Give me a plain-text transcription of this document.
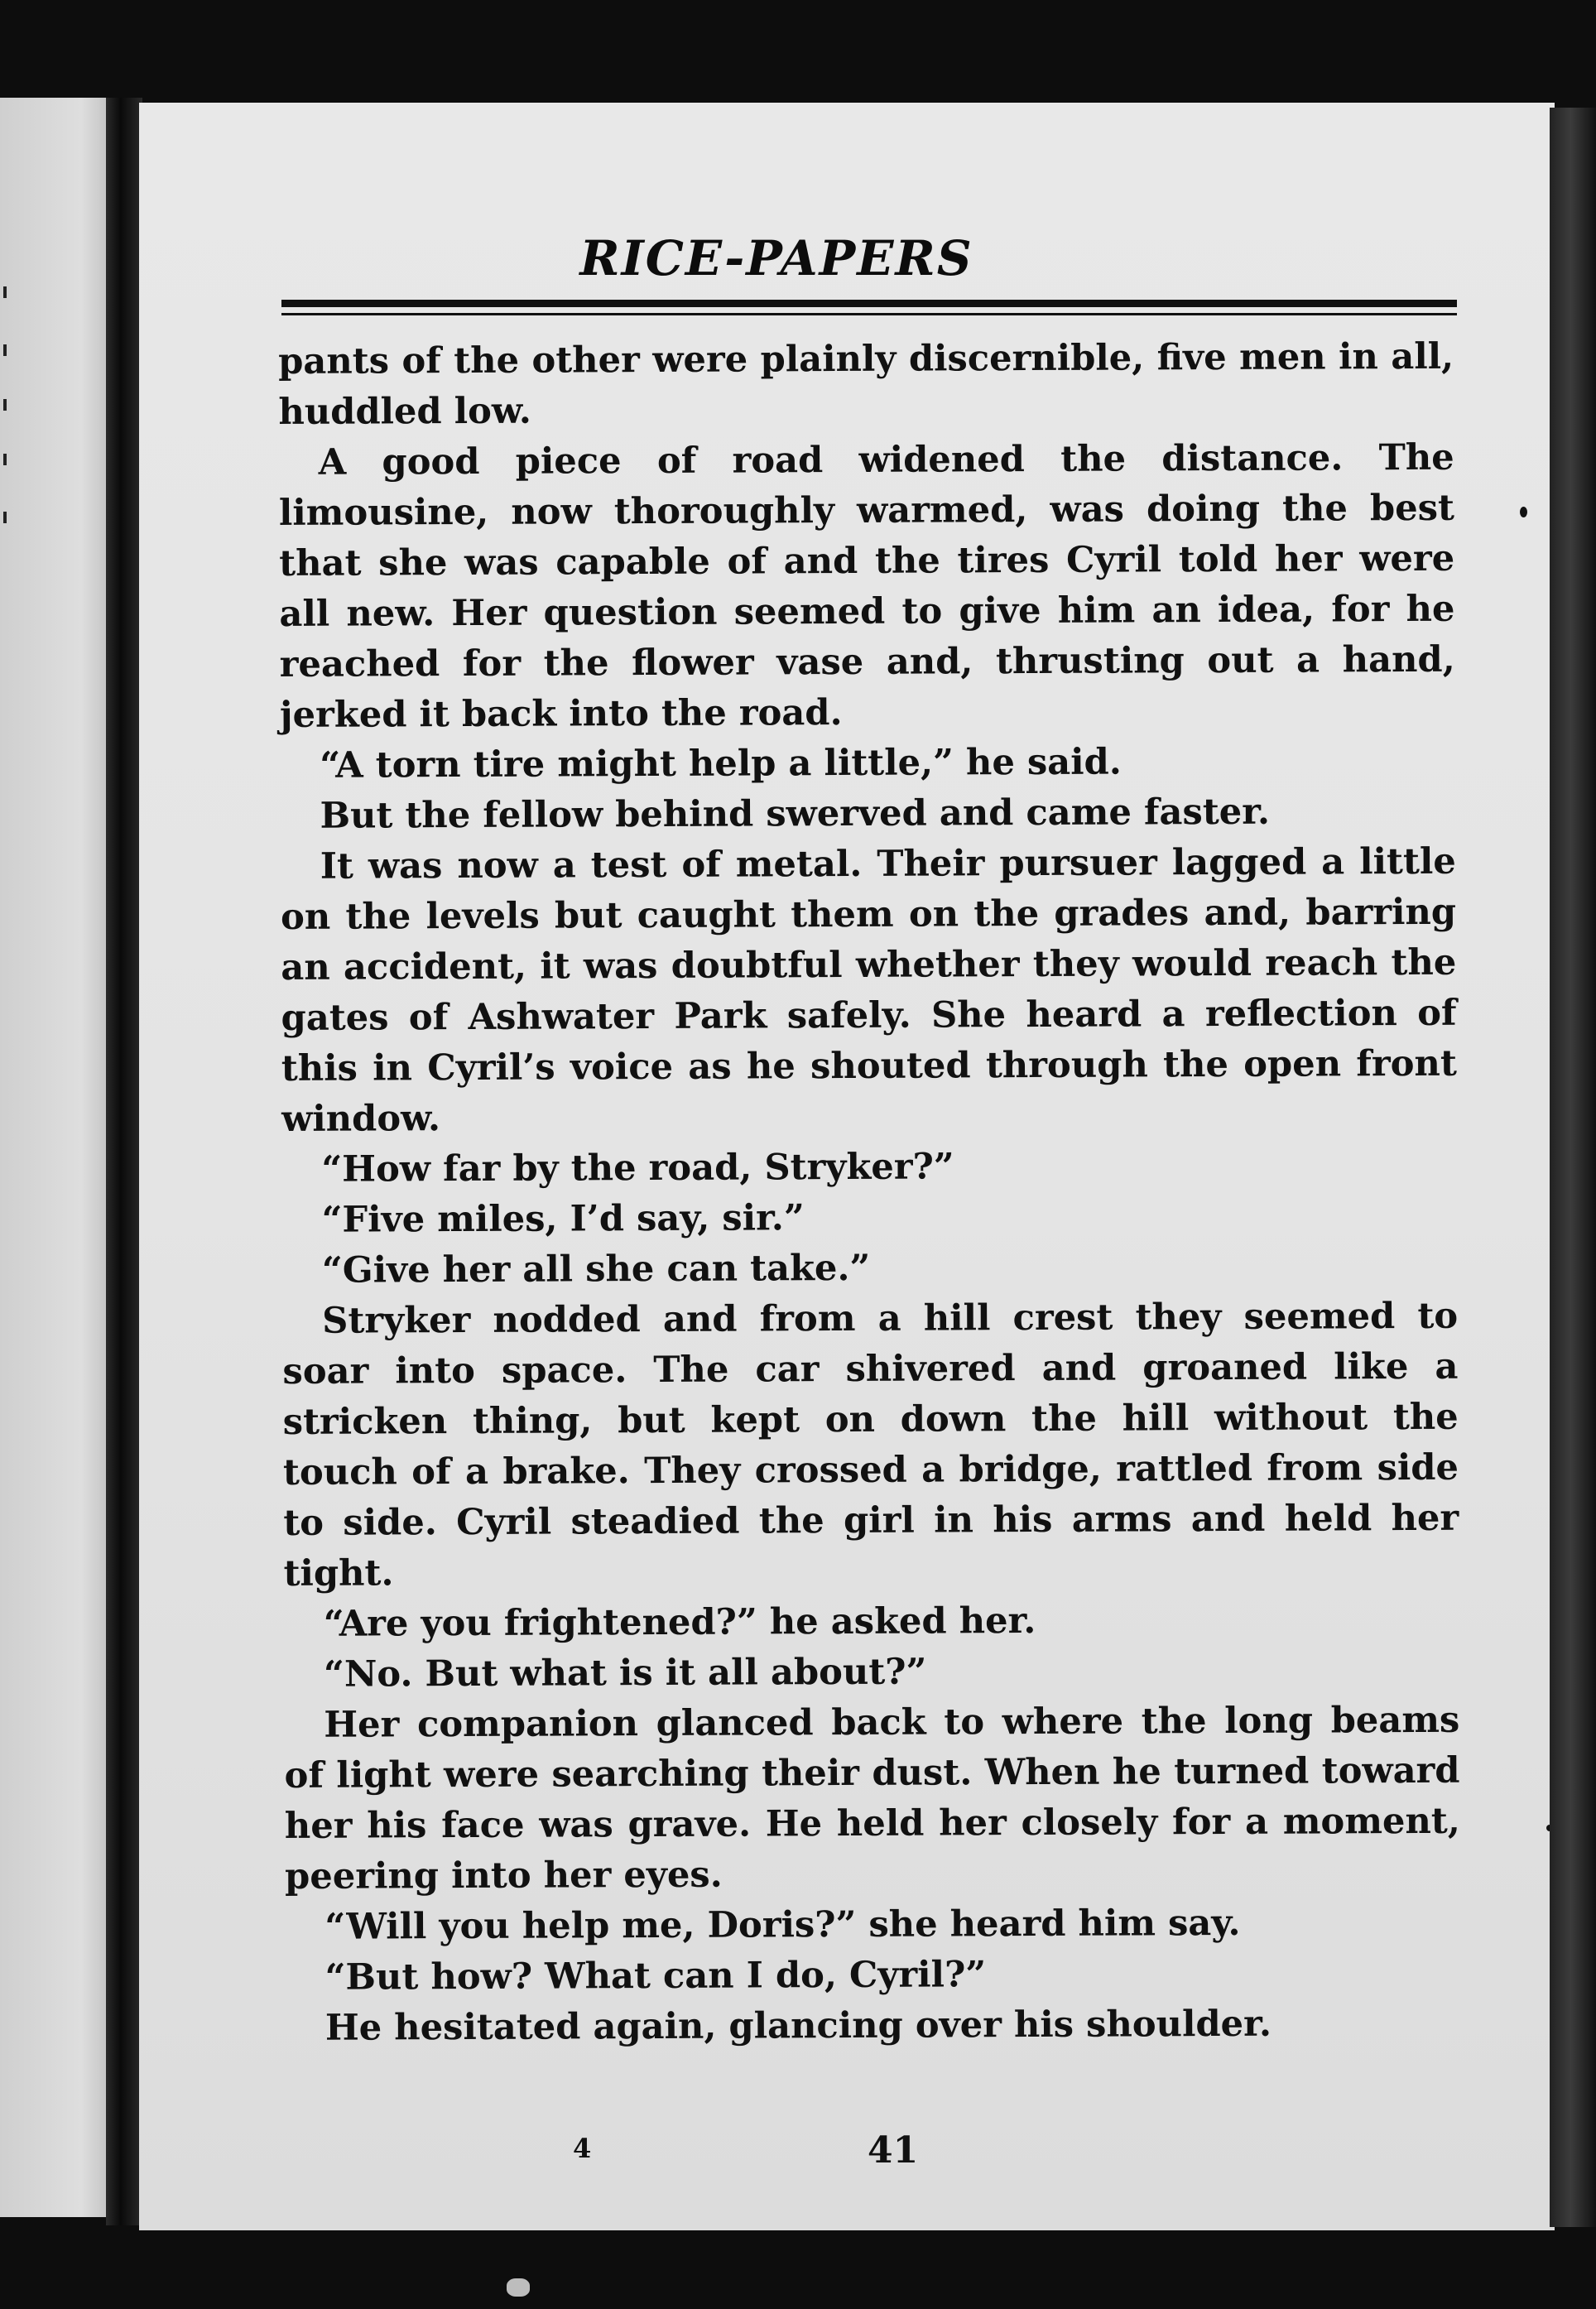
RICE-PAPERS

pants of the other were plainly discernible, five men in all, huddled low.

A good piece of road widened the distance. The limousine, now thoroughly warmed, was doing the best that she was capable of and the tires Cyril told her were all new. Her question seemed to give him an idea, for he reached for the flower vase and, thrusting out a hand, jerked it back into the road.

“A torn tire might help a little,” he said.

But the fellow behind swerved and came faster.

It was now a test of metal. Their pursuer lagged a little on the levels but caught them on the grades and, barring an accident, it was doubtful whether they would reach the gates of Ashwater Park safely. She heard a reflection of this in Cyril’s voice as he shouted through the open front window.

“How far by the road, Stryker?”

“Five miles, I’d say, sir.”

“Give her all she can take.”

Stryker nodded and from a hill crest they seemed to soar into space. The car shivered and groaned like a stricken thing, but kept on down the hill without the touch of a brake. They crossed a bridge, rattled from side to side. Cyril steadied the girl in his arms and held her tight.

“Are you frightened?” he asked her.

“No. But what is it all about?”

Her companion glanced back to where the long beams of light were searching their dust. When he turned toward her his face was grave. He held her closely for a moment, peering into her eyes.

“Will you help me, Doris?” she heard him say.

“But how? What can I do, Cyril?”

He hesitated again, glancing over his shoulder.

4	41
